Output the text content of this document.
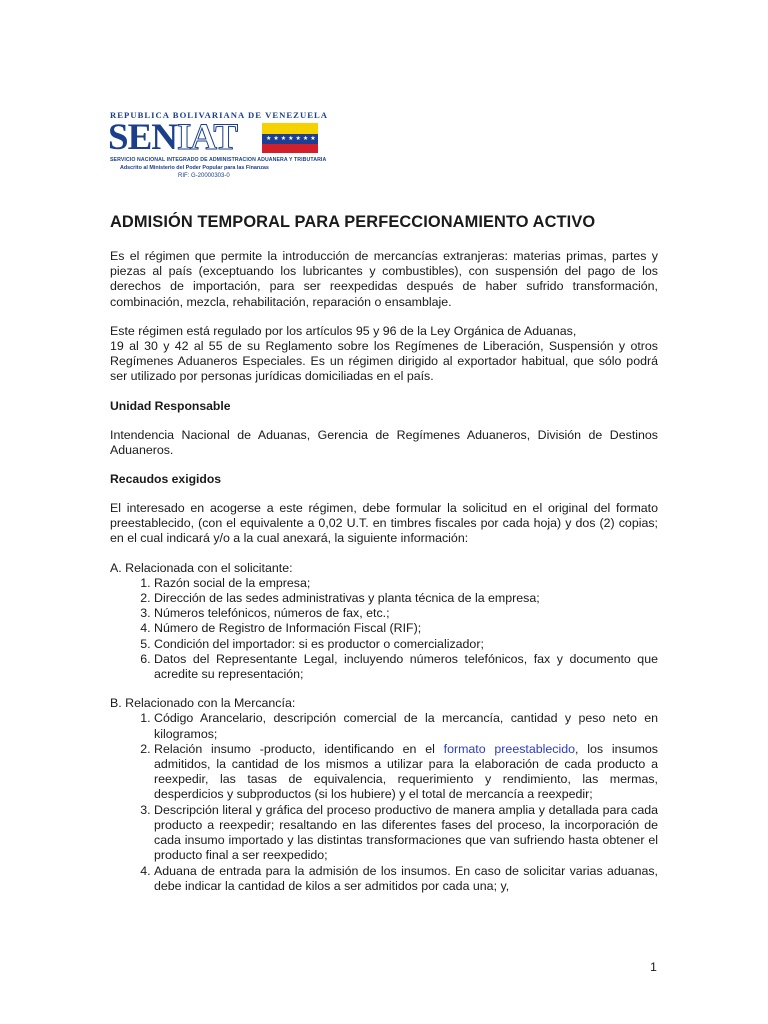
REPUBLICA BOLIVARIANA DE VENEZUELA
SENIAT	★★★★★★★★
SERVICIO NACIONAL INTEGRADO DE ADMINISTRACION ADUANERA Y TRIBUTARIA
Adscrito al Ministerio del Poder Popular para las Finanzas
RIF: G-20000303-0
ADMISIÓN TEMPORAL PARA PERFECCIONAMIENTO ACTIVO

Es el régimen que permite la introducción de mercancías extranjeras: materias primas, partes y piezas al país (exceptuando los lubricantes y combustibles), con suspensión del pago de los derechos de importación, para ser reexpedidas después de haber sufrido transformación, combinación, mezcla, rehabilitación, reparación o ensamblaje.

Este régimen está regulado por los artículos 95 y 96 de la Ley Orgánica de Aduanas,
19 al 30 y 42 al 55 de su Reglamento sobre los Regímenes de Liberación, Suspensión y otros Regímenes Aduaneros Especiales. Es un régimen dirigido al exportador habitual, que sólo podrá ser utilizado por personas jurídicas domiciliadas en el país.

Unidad Responsable

Intendencia Nacional de Aduanas, Gerencia de Regímenes Aduaneros, División de Destinos Aduaneros.

Recaudos exigidos

El interesado en acogerse a este régimen, debe formular la solicitud en el original del formato preestablecido, (con el equivalente a 0,02 U.T. en timbres fiscales por cada hoja) y dos (2) copias; en el cual indicará y/o a la cual anexará, la siguiente información:

A. Relacionada con el solicitante:
1. Razón social de la empresa;
2. Dirección de las sedes administrativas y planta técnica de la empresa;
3. Números telefónicos, números de fax, etc.;
4. Número de Registro de Información Fiscal (RIF);
5. Condición del importador: si es productor o comercializador;
6. Datos del Representante Legal, incluyendo números telefónicos, fax y documento que acredite su representación;
B. Relacionado con la Mercancía:
1. Código Arancelario, descripción comercial de la mercancía, cantidad y peso neto en kilogramos;
2. Relación insumo -producto, identificando en el formato preestablecido, los insumos admitidos, la cantidad de los mismos a utilizar para la elaboración de cada producto a reexpedir, las tasas de equivalencia, requerimiento y rendimiento, las mermas, desperdicios y subproductos (si los hubiere) y el total de mercancía a reexpedir;
3. Descripción literal y gráfica del proceso productivo de manera amplia y detallada para cada producto a reexpedir; resaltando en las diferentes fases del proceso, la incorporación de cada insumo importado y las distintas transformaciones que van sufriendo hasta obtener el producto final a ser reexpedido;
4. Aduana de entrada para la admisión de los insumos. En caso de solicitar varias aduanas, debe indicar la cantidad de kilos a ser admitidos por cada una; y,
1
